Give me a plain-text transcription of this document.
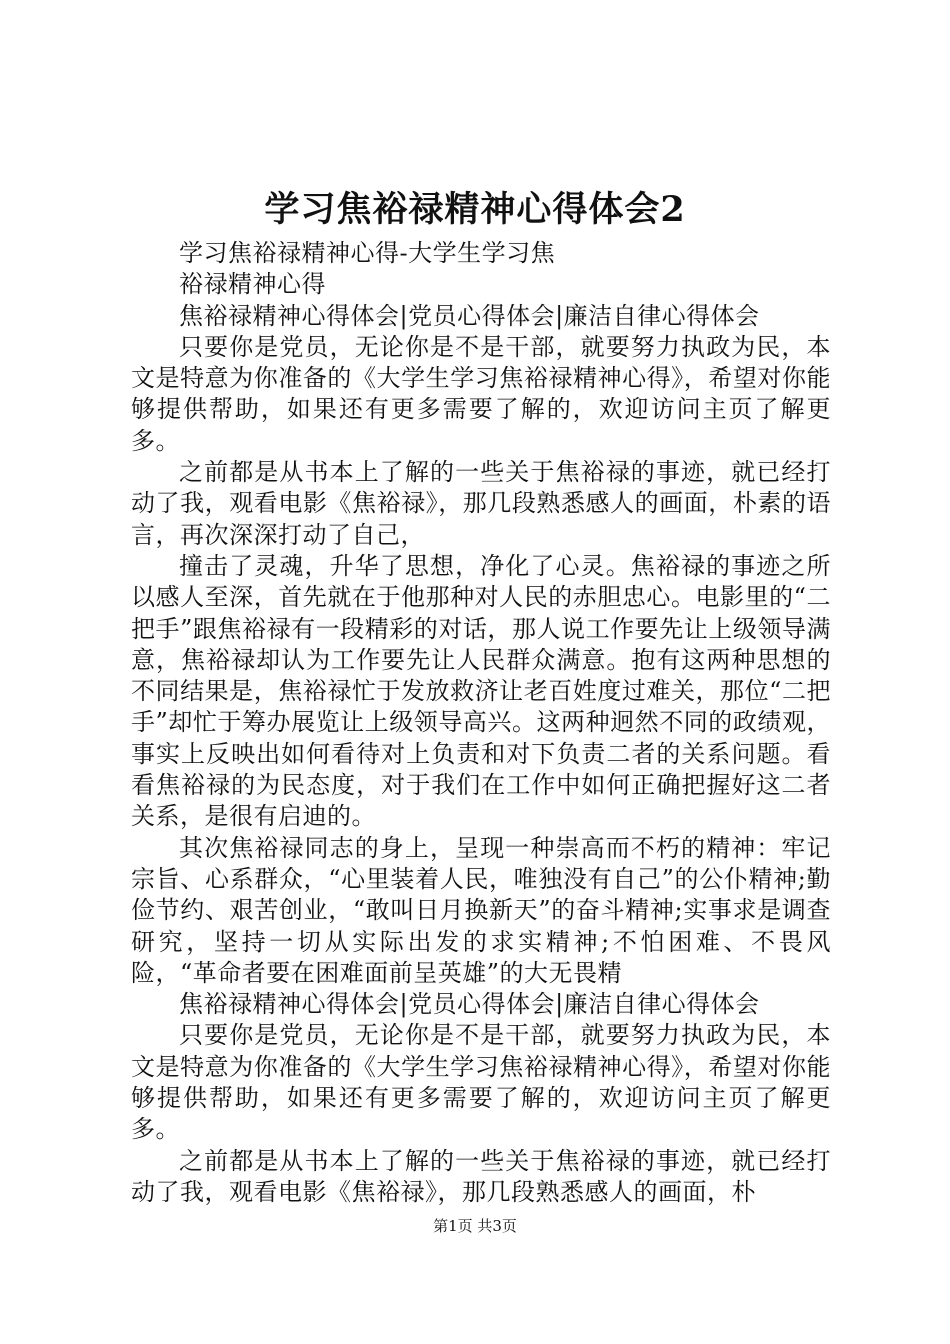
学习焦裕禄精神心得体会2

学习焦裕禄精神心得-大学生学习焦

裕禄精神心得

焦裕禄精神心得体会|党员心得体会|廉洁自律心得体会

只要你是党员，无论你是不是干部，就要努力执政为民，本文是特意为你准备的《大学生学习焦裕禄精神心得》，希望对你能够提供帮助，如果还有更多需要了解的，欢迎访问主页了解更多。

之前都是从书本上了解的一些关于焦裕禄的事迹，就已经打动了我，观看电影《焦裕禄》，那几段熟悉感人的画面，朴素的语言，再次深深打动了自己，

撞击了灵魂，升华了思想，净化了心灵。焦裕禄的事迹之所以感人至深，首先就在于他那种对人民的赤胆忠心。电影里的“二把手”跟焦裕禄有一段精彩的对话，那人说工作要先让上级领导满意，焦裕禄却认为工作要先让人民群众满意。抱有这两种思想的不同结果是，焦裕禄忙于发放救济让老百姓度过难关，那位“二把手”却忙于筹办展览让上级领导高兴。这两种迥然不同的政绩观，事实上反映出如何看待对上负责和对下负责二者的关系问题。看看焦裕禄的为民态度，对于我们在工作中如何正确把握好这二者关系，是很有启迪的。

其次焦裕禄同志的身上，呈现一种崇高而不朽的精神：牢记宗旨、心系群众，“心里装着人民，唯独没有自己”的公仆精神;勤俭节约、艰苦创业，“敢叫日月换新天”的奋斗精神;实事求是调查研究，坚持一切从实际出发的求实精神;不怕困难、不畏风险，“革命者要在困难面前呈英雄”的大无畏精

焦裕禄精神心得体会|党员心得体会|廉洁自律心得体会

只要你是党员，无论你是不是干部，就要努力执政为民，本文是特意为你准备的《大学生学习焦裕禄精神心得》，希望对你能够提供帮助，如果还有更多需要了解的，欢迎访问主页了解更多。

之前都是从书本上了解的一些关于焦裕禄的事迹，就已经打动了我，观看电影《焦裕禄》，那几段熟悉感人的画面，朴

第1页 共3页
